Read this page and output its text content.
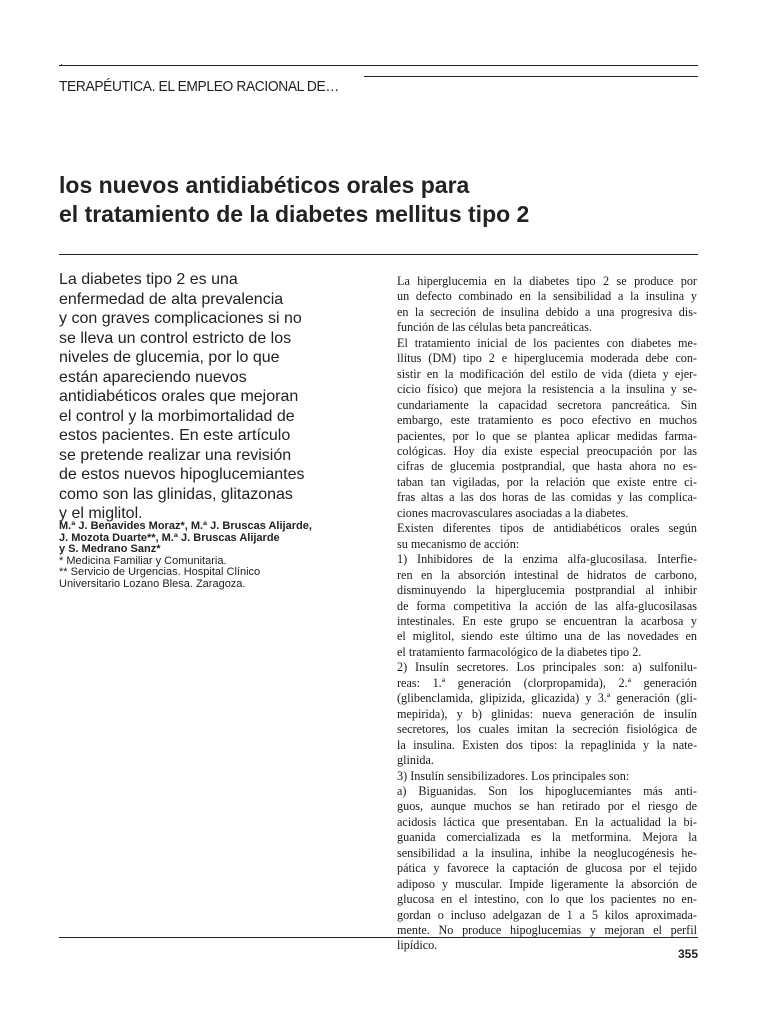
.
TERAPÉUTICA. EL EMPLEO RACIONAL DE…
los nuevos antidiabéticos orales para
el tratamiento de la diabetes mellitus tipo 2
La diabetes tipo 2 es una
enfermedad de alta prevalencia
y con graves complicaciones si no
se lleva un control estricto de los
niveles de glucemia, por lo que
están apareciendo nuevos
antidiabéticos orales que mejoran
el control y la morbimortalidad de
estos pacientes. En este artículo
se pretende realizar una revisión
de estos nuevos hipoglucemiantes
como son las glinidas, glitazonas
y el miglitol.
M.ª J. Benavides Moraz*, M.ª J. Bruscas Alijarde,
J. Mozota Duarte**, M.ª J. Bruscas Alijarde
y S. Medrano Sanz*
* Medicina Familiar y Comunitaria.
** Servicio de Urgencias. Hospital Clínico
Universitario Lozano Blesa. Zaragoza.
La hiperglucemia en la diabetes tipo 2 se produce por
un defecto combinado en la sensibilidad a la insulina y
en la secreción de insulina debido a una progresiva dis-
función de las células beta pancreáticas.
El tratamiento inicial de los pacientes con diabetes me-
llitus (DM) tipo 2 e hiperglucemia moderada debe con-
sistir en la modificación del estilo de vida (dieta y ejer-
cicio físico) que mejora la resistencia a la insulina y se-
cundariamente la capacidad secretora pancreática. Sin
embargo, este tratamiento es poco efectivo en muchos
pacientes, por lo que se plantea aplicar medidas farma-
cológicas. Hoy día existe especial preocupación por las
cifras de glucemia postprandial, que hasta ahora no es-
taban tan vigiladas, por la relación que existe entre ci-
fras altas a las dos horas de las comidas y las complica-
ciones macrovasculares asociadas a la diabetes.
Existen diferentes tipos de antidiabéticos orales según
su mecanismo de acción:
1) Inhibidores de la enzima alfa-glucosilasa. Interfie-
ren en la absorción intestinal de hidratos de carbono,
disminuyendo la hiperglucemia postprandial al inhibir
de forma competitiva la acción de las alfa-glucosilasas
intestinales. En este grupo se encuentran la acarbosa y
el miglitol, siendo este último una de las novedades en
el tratamiento farmacológico de la diabetes tipo 2.
2) Insulín secretores. Los principales son: a) sulfonilu-
reas: 1.ª generación (clorpropamida), 2.ª generación
(glibenclamida, glipizida, glicazida) y 3.ª generación (gli-
mepirida), y b) glinidas: nueva generación de insulín
secretores, los cuales imitan la secreción fisiológica de
la insulina. Existen dos tipos: la repaglinida y la nate-
glinida.
3) Insulín sensibilizadores. Los principales son:
a) Biguanidas. Son los hipoglucemiantes más anti-
guos, aunque muchos se han retirado por el riesgo de
acidosis láctica que presentaban. En la actualidad la bi-
guanida comercializada es la metformina. Mejora la
sensibilidad a la insulina, inhibe la neoglucogénesis he-
pática y favorece la captación de glucosa por el tejido
adiposo y muscular. Impide ligeramente la absorción de
glucosa en el intestino, con lo que los pacientes no en-
gordan o incluso adelgazan de 1 a 5 kilos aproximada-
mente. No produce hipoglucemias y mejoran el perfil
lipídico.
355
